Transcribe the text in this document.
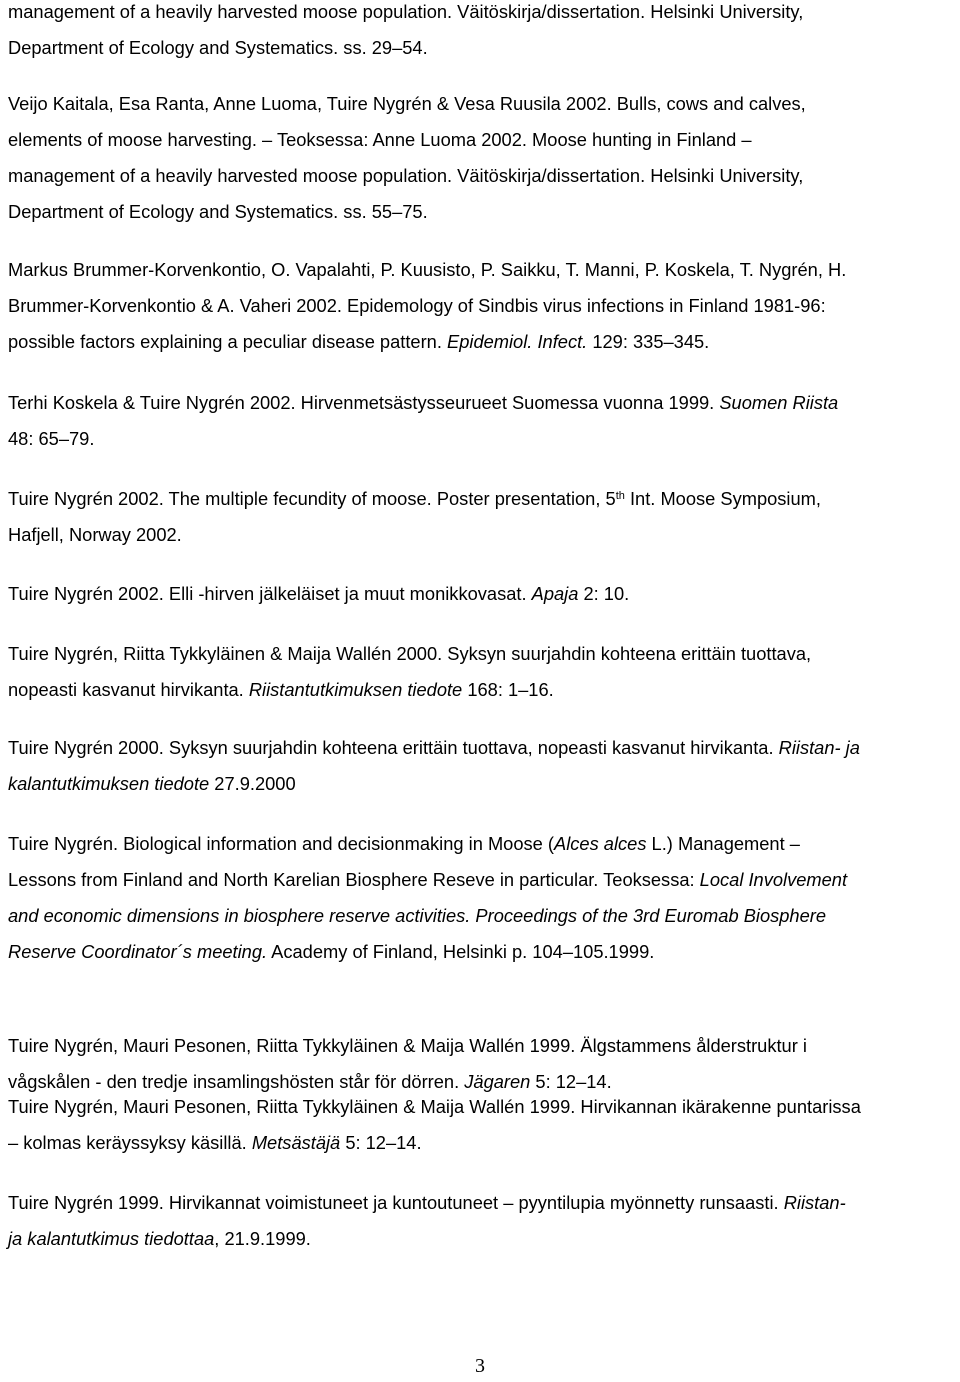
management of a heavily harvested moose population. Väitöskirja/dissertation. Helsinki University,
Department of Ecology and Systematics. ss. 29–54.
Veijo Kaitala, Esa Ranta, Anne Luoma, Tuire Nygrén & Vesa Ruusila 2002. Bulls, cows and calves,
elements of moose harvesting. – Teoksessa: Anne Luoma 2002. Moose hunting in Finland –
management of a heavily harvested moose population. Väitöskirja/dissertation. Helsinki University,
Department of Ecology and Systematics. ss. 55–75.
Markus Brummer-Korvenkontio, O. Vapalahti, P. Kuusisto, P. Saikku, T. Manni, P. Koskela, T. Nygrén, H.
Brummer-Korvenkontio & A. Vaheri 2002. Epidemology of Sindbis virus infections in Finland 1981-96:
possible factors explaining a peculiar disease pattern. Epidemiol. Infect. 129: 335–345.
Terhi Koskela & Tuire Nygrén 2002. Hirvenmetsästysseurueet Suomessa vuonna 1999. Suomen Riista
48: 65–79.
Tuire Nygrén 2002. The multiple fecundity of moose. Poster presentation, 5th Int. Moose Symposium,
Hafjell, Norway 2002.
Tuire Nygrén 2002. Elli -hirven jälkeläiset ja muut monikkovasat. Apaja 2: 10.
Tuire Nygrén, Riitta Tykkyläinen & Maija Wallén 2000. Syksyn suurjahdin kohteena erittäin tuottava,
nopeasti kasvanut hirvikanta. Riistantutkimuksen tiedote 168: 1–16.
Tuire Nygrén 2000. Syksyn suurjahdin kohteena erittäin tuottava, nopeasti kasvanut hirvikanta. Riistan- ja
kalantutkimuksen tiedote 27.9.2000
Tuire Nygrén. Biological information and decisionmaking in Moose (Alces alces L.) Management –
Lessons from Finland and North Karelian Biosphere Reseve in particular. Teoksessa: Local Involvement
and economic dimensions in biosphere reserve activities. Proceedings of the 3rd Euromab Biosphere
Reserve Coordinator´s meeting. Academy of Finland, Helsinki p. 104–105.1999.
Tuire Nygrén, Mauri Pesonen, Riitta Tykkyläinen & Maija Wallén 1999. Älgstammens ålderstruktur i
vågskålen - den tredje insamlingshösten står för dörren. Jägaren 5: 12–14.
Tuire Nygrén, Mauri Pesonen, Riitta Tykkyläinen & Maija Wallén 1999. Hirvikannan ikärakenne puntarissa
– kolmas keräyssyksy käsillä. Metsästäjä 5: 12–14.
Tuire Nygrén 1999. Hirvikannat voimistuneet ja kuntoutuneet – pyyntilupia myönnetty runsaasti. Riistan-
ja kalantutkimus tiedottaa, 21.9.1999.
3
